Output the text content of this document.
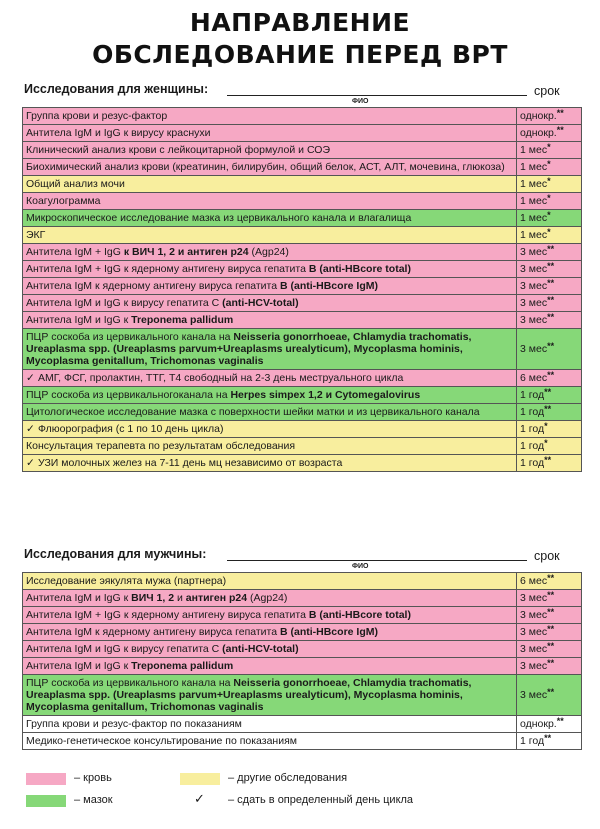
НАПРАВЛЕНИЕ
ОБСЛЕДОВАНИЕ ПЕРЕД ВРТ
Исследования для женщины:
ФИО
срок
Группа крови и резус-фактор	однокр.**
Антитела IgM и IgG к вирусу краснухи	однокр.**
Клинический анализ крови с лейкоцитарной формулой и СОЭ	1 мес*
Биохимический анализ крови (креатинин, билирубин, общий белок, АСТ, АЛТ, мочевина, глюкоза)	1 мес*
Общий анализ мочи	1 мес*
Коагулограмма	1 мес*
Микроскопическое исследование мазка из цервикального канала и влагалища	1 мес*
ЭКГ	1 мес*
Антитела IgM + IgG к ВИЧ 1, 2 и антиген p24 (Agp24)	3 мес**
Антитела IgM + IgG к ядерному антигену вируса гепатита B (anti-HBcore total)	3 мес**
Антитела IgM к ядерному антигену вируса гепатита B (anti-HBcore IgM)	3 мес**
Антитела IgM и IgG к вирусу гепатита С (anti-HCV-total)	3 мес**
Антитела IgM и IgG к Treponema pallidum	3 мес**
ПЦР соскоба из цервикального канала на Neisseria gonorrhoeae, Chlamydia trachomatis, Ureaplasma spp. (Ureaplasms parvum+Ureaplasms urealyticum), Mycoplasma hominis, Mycoplasma genitallum, Trichomonas vaginalis	3 мес**
✓ АМГ, ФСГ, пролактин, ТТГ, Т4 свободный на 2-3 день меструального цикла	6 мес**
ПЦР соскоба из цервикальногоканала на Herpes simpex 1,2 и Cytomegalovirus	1 год**
Цитологическое исследование мазка с поверхности шейки матки и из цервикального канала	1 год**
✓ Флюорография (с 1 по 10 день цикла)	1 год*
Консультация терапевта по результатам обследования	1 год*
✓ УЗИ молочных желез на 7-11 день мц независимо от возраста	1 год**
Исследования для мужчины:
ФИО
срок
Исследование эякулята мужа (партнера)	6 мес**
Антитела IgM и IgG к ВИЧ 1, 2 и антиген p24 (Agp24)	3 мес**
Антитела IgM + IgG к ядерному антигену вируса гепатита B (anti-HBcore total)	3 мес**
Антитела IgM к ядерному антигену вируса гепатита B (anti-HBcore IgM)	3 мес**
Антитела IgM и IgG к вирусу гепатита С (anti-HCV-total)	3 мес**
Антитела IgM и IgG к Treponema pallidum	3 мес**
ПЦР соскоба из цервикального канала на Neisseria gonorrhoeae, Chlamydia trachomatis, Ureaplasma spp. (Ureaplasms parvum+Ureaplasms urealyticum), Mycoplasma hominis, Mycoplasma genitallum, Trichomonas vaginalis	3 мес**
Группа крови и резус-фактор по показаниям	однокр.**
Медико-генетическое консультирование по показаниям	1 год**
– кровь	– другие обследования
– мазок	✓ – сдать в определенный день цикла
